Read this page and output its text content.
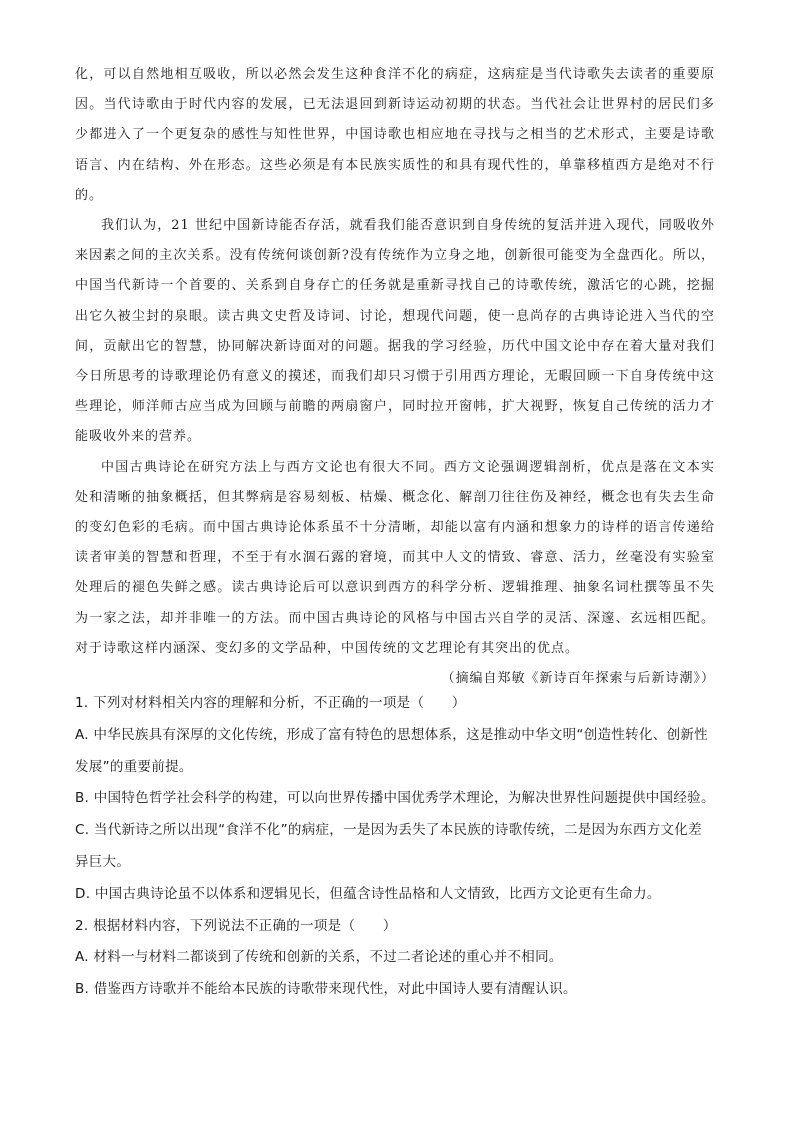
化，可以自然地相互吸收，所以必然会发生这种食洋不化的病症，这病症是当代诗歌失去读者的重要原因。当代诗歌由于时代内容的发展，已无法退回到新诗运动初期的状态。当代社会让世界村的居民们多少都进入了一个更复杂的感性与知性世界，中国诗歌也相应地在寻找与之相当的艺术形式，主要是诗歌语言、内在结构、外在形态。这些必须是有本民族实质性的和具有现代性的，单靠移植西方是绝对不行的。

我们认为，21 世纪中国新诗能否存活，就看我们能否意识到自身传统的复活并进入现代，同吸收外来因素之间的主次关系。没有传统何谈创新?没有传统作为立身之地，创新很可能变为全盘西化。所以，中国当代新诗一个首要的、关系到自身存亡的任务就是重新寻找自己的诗歌传统，激活它的心跳，挖掘出它久被尘封的泉眼。读古典文史哲及诗词、讨论，想现代问题，使一息尚存的古典诗论进入当代的空间，贡献出它的智慧，协同解决新诗面对的问题。据我的学习经验，历代中国文论中存在着大量对我们今日所思考的诗歌理论仍有意义的摸述，而我们却只习惯于引用西方理论，无暇回顾一下自身传统中这些理论，师洋师古应当成为回顾与前瞻的两扇窗户，同时拉开窗帏，扩大视野，恢复自己传统的活力才能吸收外来的营养。

中国古典诗论在研究方法上与西方文论也有很大不同。西方文论强调逻辑剖析，优点是落在文本实处和清晰的抽象概括，但其弊病是容易刻板、枯燥、概念化、解剖刀往往伤及神经，概念也有失去生命的变幻色彩的毛病。而中国古典诗论体系虽不十分清晰，却能以富有内涵和想象力的诗样的语言传递给读者审美的智慧和哲理，不至于有水涸石露的窘境，而其中人文的情致、睿意、活力，丝毫没有实验室处理后的褪色失鲜之感。读古典诗论后可以意识到西方的科学分析、逻辑推理、抽象名词杜撰等虽不失为一家之法，却并非唯一的方法。而中国古典诗论的风格与中国古兴自学的灵活、深邃、玄远相匹配。对于诗歌这样内涵深、变幻多的文学品种，中国传统的文艺理论有其突出的优点。

（摘编自郑敏《新诗百年探索与后新诗潮》）

1. 下列对材料相关内容的理解和分析，不正确的一项是（　　）

A. 中华民族具有深厚的文化传统，形成了富有特色的思想体系，这是推动中华文明“创造性转化、创新性发展”的重要前提。

B. 中国特色哲学社会科学的构建，可以向世界传播中国优秀学术理论，为解决世界性问题提供中国经验。

C. 当代新诗之所以出现“食洋不化”的病症，一是因为丢失了本民族的诗歌传统，二是因为东西方文化差异巨大。

D. 中国古典诗论虽不以体系和逻辑见长，但蕴含诗性品格和人文情致，比西方文论更有生命力。

2. 根据材料内容，下列说法不正确的一项是（　　）

A. 材料一与材料二都谈到了传统和创新的关系，不过二者论述的重心并不相同。

B. 借鉴西方诗歌并不能给本民族的诗歌带来现代性，对此中国诗人要有清醒认识。
